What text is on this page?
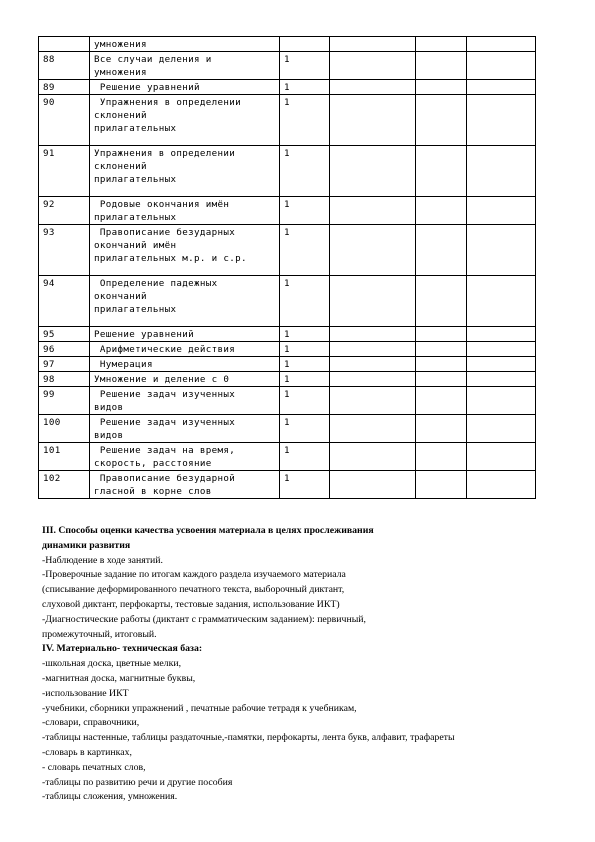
	умножения				
88	Все случаи деления и
умножения	1			
89	Решение уравнений	1			
90	Упражнения в определении
склонений
прилагательных	1			
91	Упражнения в определении
склонений
прилагательных	1			
92	Родовые окончания имён
прилагательных	1			
93	Правописание безударных
окончаний имён
прилагательных м.р. и с.р.	1			
94	Определение падежных
окончаний
прилагательных	1			
95	Решение уравнений	1			
96	Арифметические действия	1			
97	Нумерация	1			
98	Умножение и деление с 0	1			
99	Решение задач изученных
видов	1			
100	Решение задач изученных
видов	1			
101	Решение задач на время,
скорость, расстояние	1			
102	Правописание безударной
гласной в корне слов	1			
III. Способы оценки качества усвоения материала в целях прослеживания
динамики развития
-Наблюдение в ходе занятий.
-Проверочные задание по итогам каждого раздела изучаемого материала
(списывание деформированного печатного текста, выборочный диктант,
слуховой диктант, перфокарты, тестовые задания, использование ИКТ)
-Диагностические работы (диктант с грамматическим заданием): первичный,
промежуточный, итоговый.
IV. Материально- техническая база:
-школьная доска, цветные мелки,
-магнитная доска, магнитные буквы,
-использование ИКТ
-учебники, сборники упражнений , печатные рабочие тетрадя к учебникам,
-словари, справочники,
-таблицы настенные, таблицы раздаточные,-памятки, перфокарты, лента букв, алфавит, трафареты
-словарь в картинках,
- словарь печатных слов,
-таблицы по развитию речи и другие пособия
-таблицы сложения, умножения.
